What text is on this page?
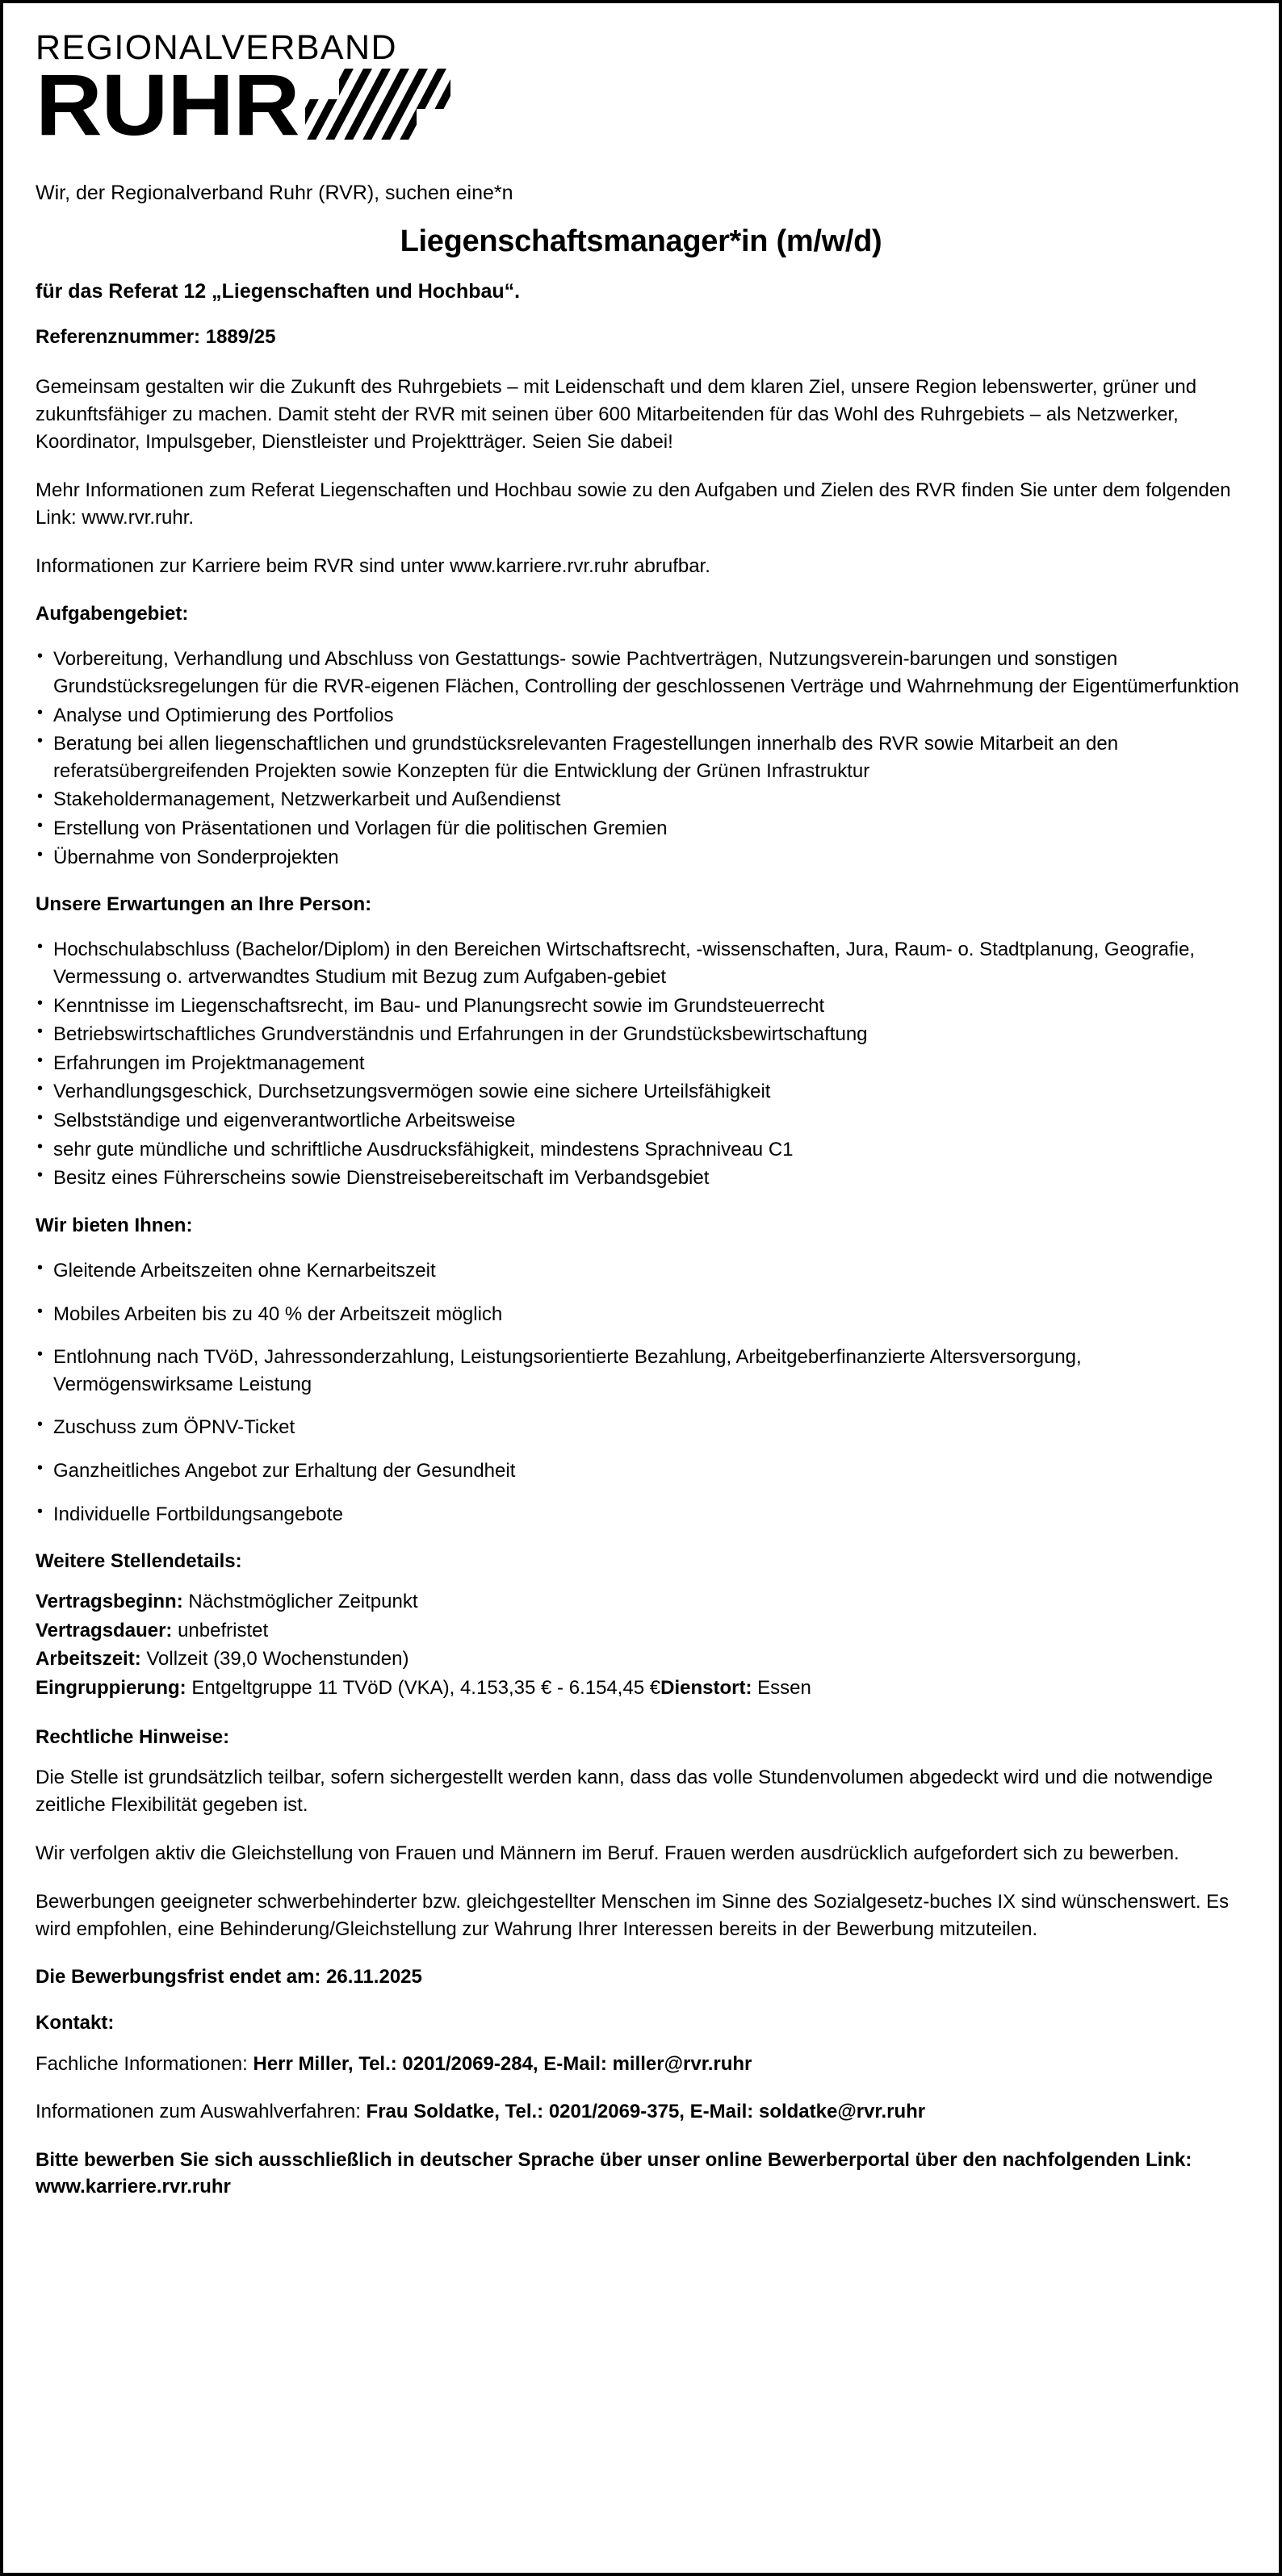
REGIONALVERBAND
RUHR

Wir, der Regionalverband Ruhr (RVR), suchen eine*n

Liegenschaftsmanager*in (m/w/d)

für das Referat 12 „Liegenschaften und Hochbau“.

Referenznummer: 1889/25

Gemeinsam gestalten wir die Zukunft des Ruhrgebiets – mit Leidenschaft und dem klaren Ziel, unsere Region lebenswerter, grüner und zukunftsfähiger zu machen. Damit steht der RVR mit seinen über 600 Mitarbeitenden für das Wohl des Ruhrgebiets – als Netzwerker, Koordinator, Impulsgeber, Dienstleister und Projektträger. Seien Sie dabei!

Mehr Informationen zum Referat Liegenschaften und Hochbau sowie zu den Aufgaben und Zielen des RVR finden Sie unter dem folgenden Link: www.rvr.ruhr.

Informationen zur Karriere beim RVR sind unter www.karriere.rvr.ruhr abrufbar.

Aufgabengebiet:
• Vorbereitung, Verhandlung und Abschluss von Gestattungs- sowie Pachtverträgen, Nutzungsverein-barungen und sonstigen Grundstücksregelungen für die RVR-eigenen Flächen, Controlling der geschlossenen Verträge und Wahrnehmung der Eigentümerfunktion
• Analyse und Optimierung des Portfolios
• Beratung bei allen liegenschaftlichen und grundstücksrelevanten Fragestellungen innerhalb des RVR sowie Mitarbeit an den referatsübergreifenden Projekten sowie Konzepten für die Entwicklung der Grünen Infrastruktur
• Stakeholdermanagement, Netzwerkarbeit und Außendienst
• Erstellung von Präsentationen und Vorlagen für die politischen Gremien
• Übernahme von Sonderprojekten
Unsere Erwartungen an Ihre Person:
• Hochschulabschluss (Bachelor/Diplom) in den Bereichen Wirtschaftsrecht, -wissenschaften, Jura, Raum- o. Stadtplanung, Geografie, Vermessung o. artverwandtes Studium mit Bezug zum Aufgaben-gebiet
• Kenntnisse im Liegenschaftsrecht, im Bau- und Planungsrecht sowie im Grundsteuerrecht
• Betriebswirtschaftliches Grundverständnis und Erfahrungen in der Grundstücksbewirtschaftung
• Erfahrungen im Projektmanagement
• Verhandlungsgeschick, Durchsetzungsvermögen sowie eine sichere Urteilsfähigkeit
• Selbstständige und eigenverantwortliche Arbeitsweise
• sehr gute mündliche und schriftliche Ausdrucksfähigkeit, mindestens Sprachniveau C1
• Besitz eines Führerscheins sowie Dienstreisebereitschaft im Verbandsgebiet
Wir bieten Ihnen:
• Gleitende Arbeitszeiten ohne Kernarbeitszeit
• Mobiles Arbeiten bis zu 40 % der Arbeitszeit möglich
• Entlohnung nach TVöD, Jahressonderzahlung, Leistungsorientierte Bezahlung, Arbeitgeberfinanzierte Altersversorgung, Vermögenswirksame Leistung
• Zuschuss zum ÖPNV-Ticket
• Ganzheitliches Angebot zur Erhaltung der Gesundheit
• Individuelle Fortbildungsangebote
Weitere Stellendetails:

Vertragsbeginn: Nächstmöglicher Zeitpunkt

Vertragsdauer: unbefristet

Arbeitszeit: Vollzeit (39,0 Wochenstunden)

Eingruppierung: Entgeltgruppe 11 TVöD (VKA), 4.153,35 € - 6.154,45 €Dienstort: Essen

Rechtliche Hinweise:

Die Stelle ist grundsätzlich teilbar, sofern sichergestellt werden kann, dass das volle Stundenvolumen abgedeckt wird und die notwendige zeitliche Flexibilität gegeben ist.

Wir verfolgen aktiv die Gleichstellung von Frauen und Männern im Beruf. Frauen werden ausdrücklich aufgefordert sich zu bewerben.

Bewerbungen geeigneter schwerbehinderter bzw. gleichgestellter Menschen im Sinne des Sozialgesetz-buches IX sind wünschenswert. Es wird empfohlen, eine Behinderung/Gleichstellung zur Wahrung Ihrer Interessen bereits in der Bewerbung mitzuteilen.

Die Bewerbungsfrist endet am: 26.11.2025

Kontakt:

Fachliche Informationen: Herr Miller, Tel.: 0201/2069-284, E-Mail: miller@rvr.ruhr

Informationen zum Auswahlverfahren: Frau Soldatke, Tel.: 0201/2069-375, E-Mail: soldatke@rvr.ruhr

Bitte bewerben Sie sich ausschließlich in deutscher Sprache über unser online Bewerberportal über den nachfolgenden Link: www.karriere.rvr.ruhr
